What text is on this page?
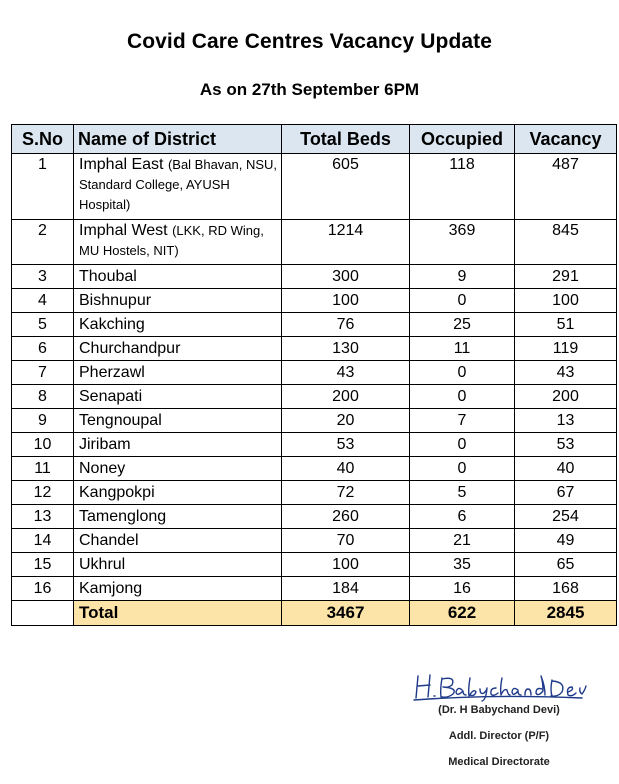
Covid Care Centres Vacancy Update
As on 27th September 6PM
S.No	Name of District	Total Beds	Occupied	Vacancy
1	Imphal East (Bal Bhavan, NSU, Standard College, AYUSH Hospital)	605	118	487
2	Imphal West (LKK, RD Wing, MU Hostels, NIT)	1214	369	845
3	Thoubal	300	9	291
4	Bishnupur	100	0	100
5	Kakching	76	25	51
6	Churchandpur	130	11	119
7	Pherzawl	43	0	43
8	Senapati	200	0	200
9	Tengnoupal	20	7	13
10	Jiribam	53	0	53
11	Noney	40	0	40
12	Kangpokpi	72	5	67
13	Tamenglong	260	6	254
14	Chandel	70	21	49
15	Ukhrul	100	35	65
16	Kamjong	184	16	168
	Total	3467	622	2845
(Dr. H Babychand Devi)
Addl. Director (P/F)
Medical Directorate
